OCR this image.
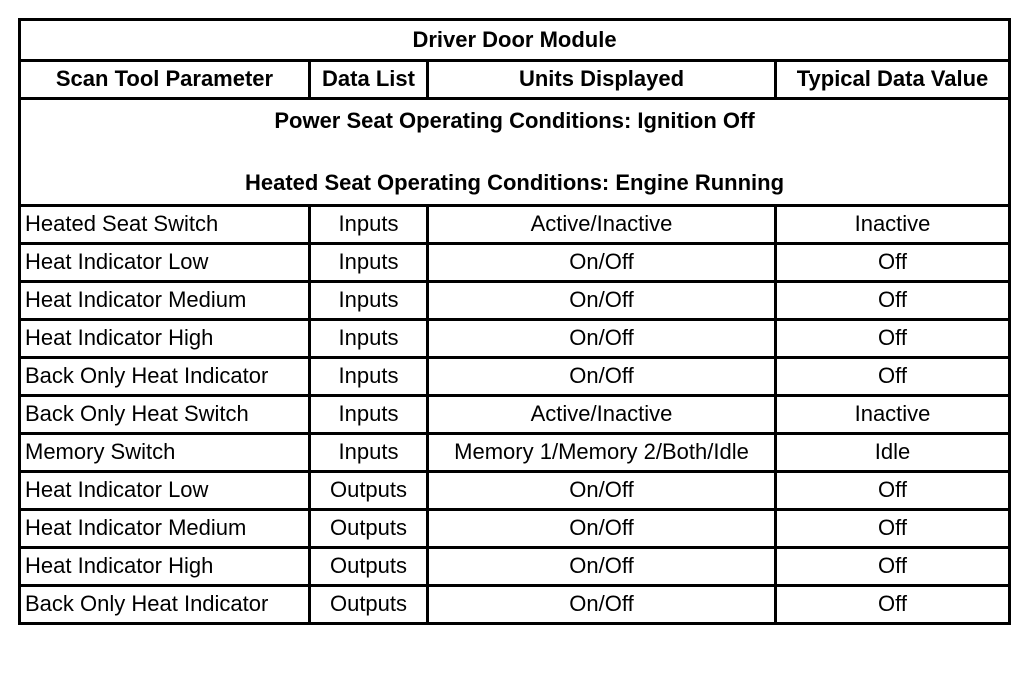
Driver Door Module			
Scan Tool Parameter	Data List	Units Displayed	Typical Data Value

Power Seat Operating Conditions: Ignition Off
Heated Seat Operating Conditions: Engine Running			

Heated Seat Switch	Inputs	Active/Inactive	Inactive
Heat Indicator Low	Inputs	On/Off	Off
Heat Indicator Medium	Inputs	On/Off	Off
Heat Indicator High	Inputs	On/Off	Off
Back Only Heat Indicator	Inputs	On/Off	Off
Back Only Heat Switch	Inputs	Active/Inactive	Inactive
Memory Switch	Inputs	Memory 1/Memory 2/Both/Idle	Idle
Heat Indicator Low	Outputs	On/Off	Off
Heat Indicator Medium	Outputs	On/Off	Off
Heat Indicator High	Outputs	On/Off	Off
Back Only Heat Indicator	Outputs	On/Off	Off
